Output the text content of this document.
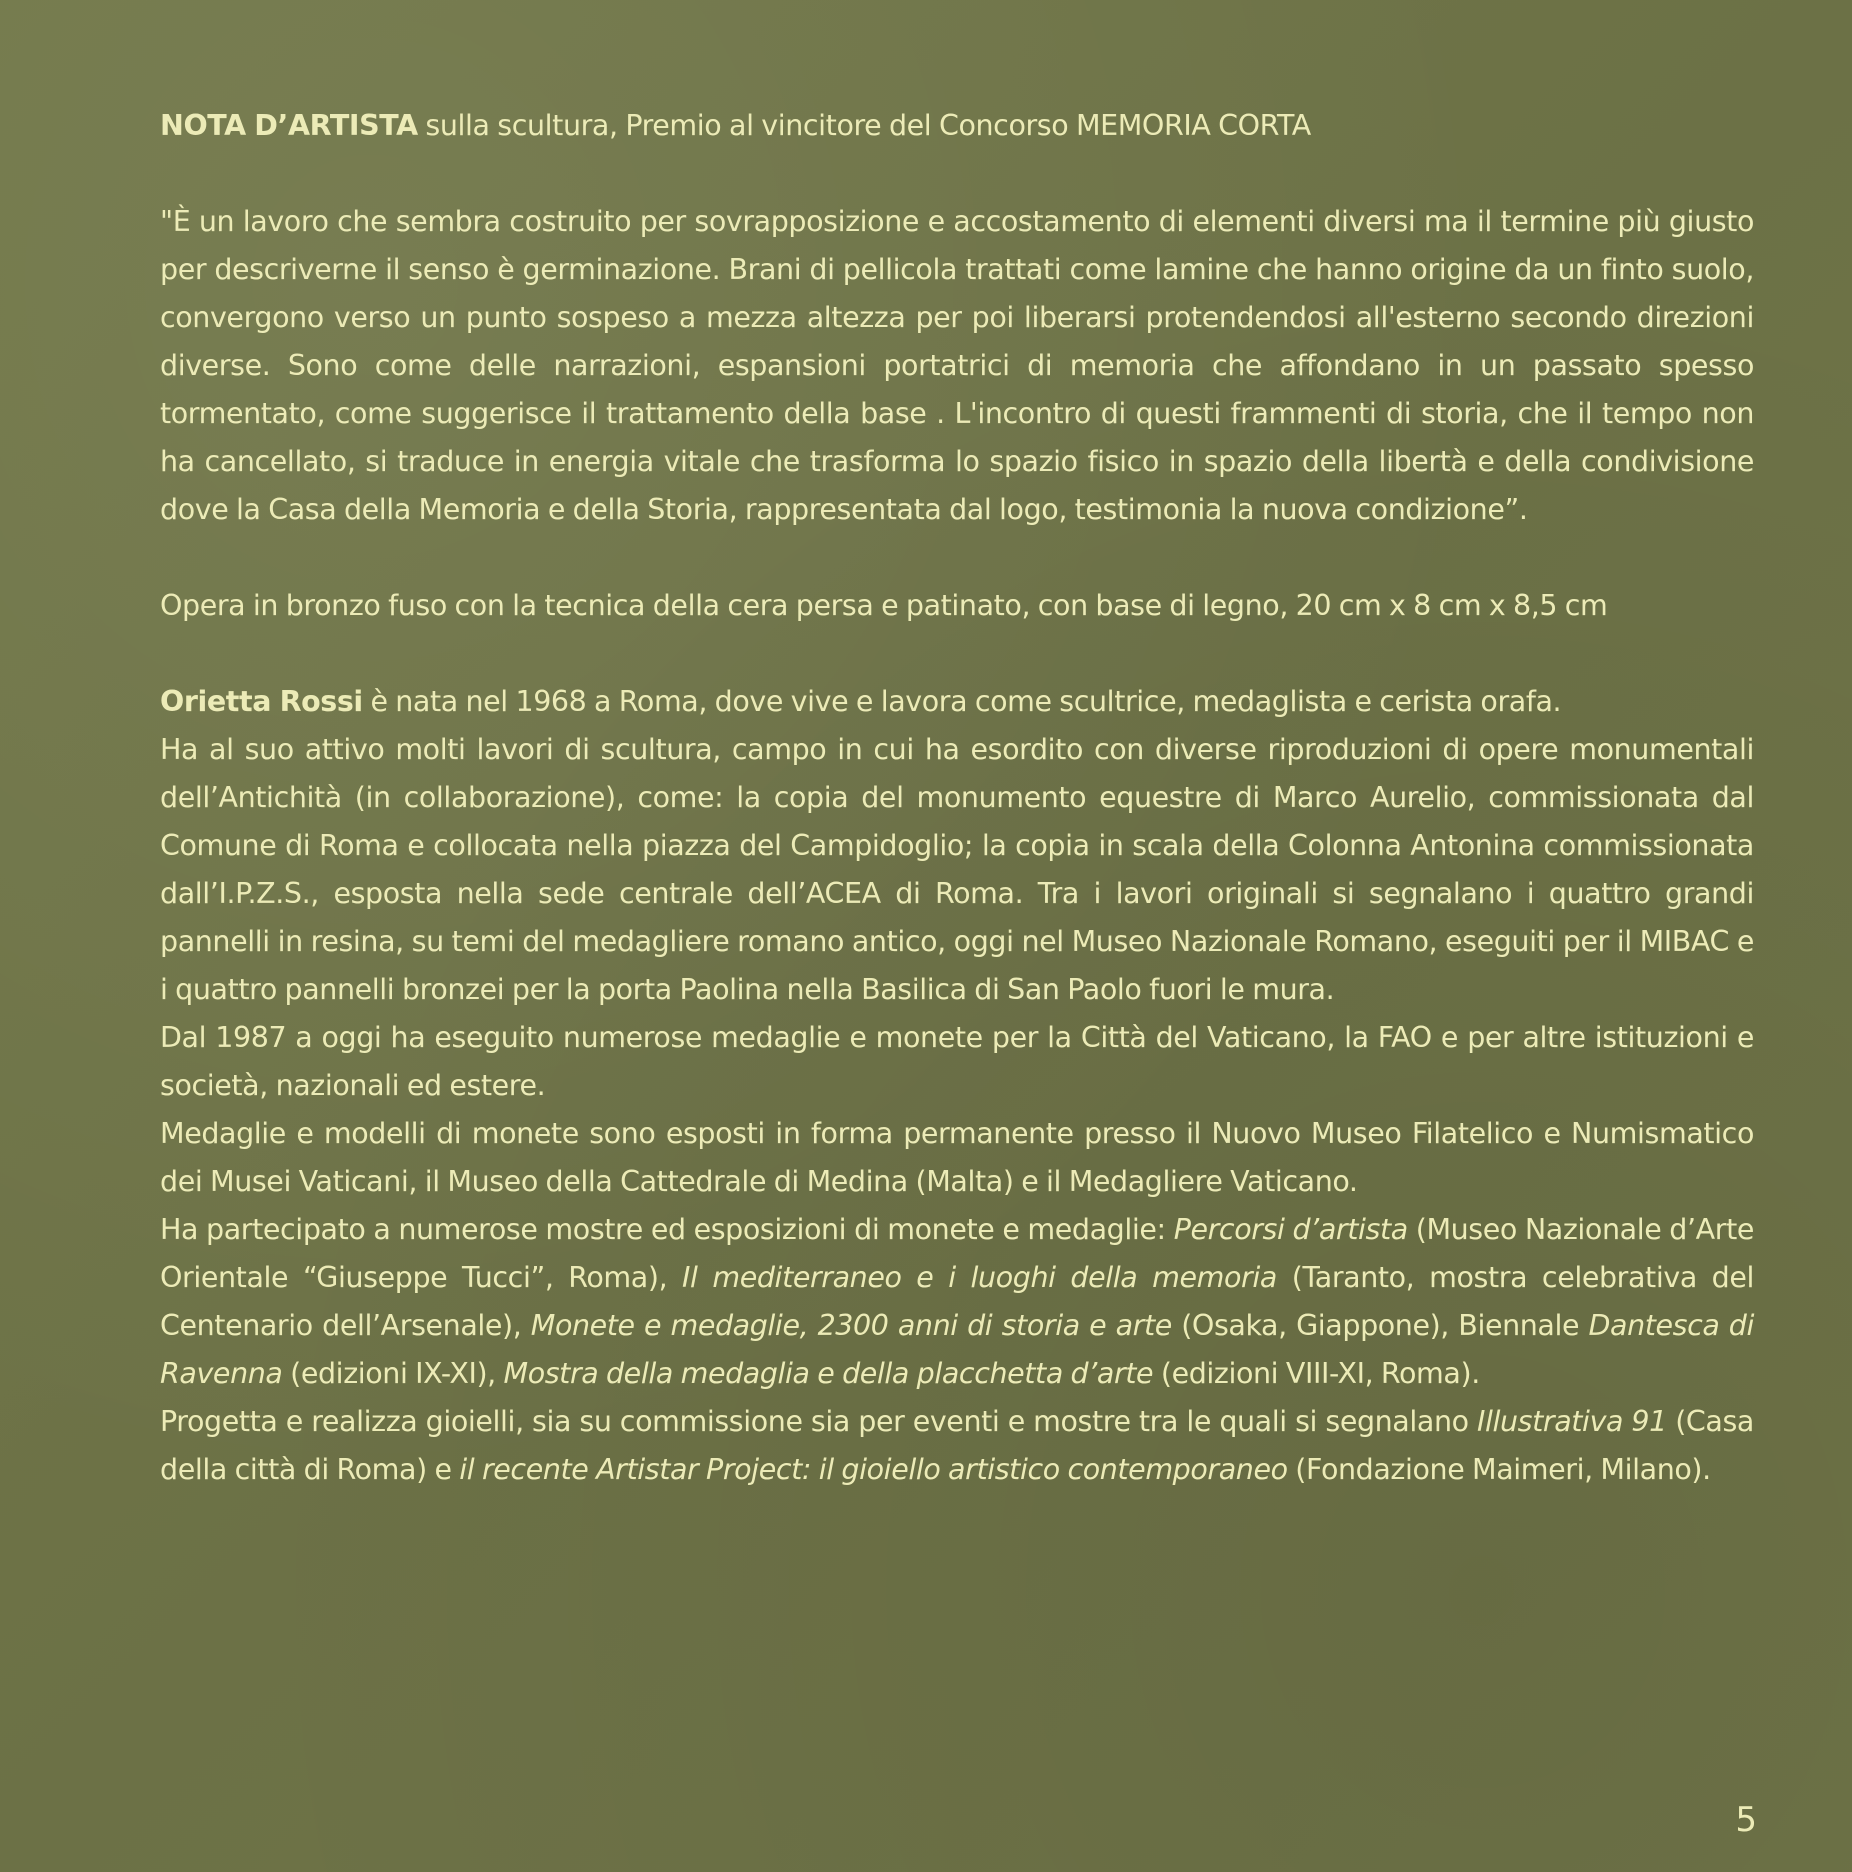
NOTA D’ARTISTA sulla scultura, Premio al vincitore del Concorso MEMORIA CORTA

"È un lavoro che sembra costruito per sovrapposizione e accostamento di elementi diversi ma il termine più giusto per descriverne il senso è germinazione. Brani di pellicola trattati come lamine che hanno origine da un finto suolo, convergono verso un punto sospeso a mezza altezza per poi liberarsi protendendosi all'esterno secondo direzioni diverse. Sono come delle narrazioni, espansioni portatrici di memoria che affondano in un passato spesso tormentato, come suggerisce il trattamento della base . L'incontro di questi frammenti di storia, che il tempo non ha cancellato, si traduce in energia vitale che trasforma lo spazio fisico in spazio della libertà e della condivisione dove la Casa della Memoria e della Storia, rappresentata dal logo, testimonia la nuova condizione”.

Opera in bronzo fuso con la tecnica della cera persa e patinato, con base di legno, 20 cm x 8 cm x 8,5 cm

Orietta Rossi è nata nel 1968 a Roma, dove vive e lavora come scultrice, medaglista e cerista orafa.

Ha al suo attivo molti lavori di scultura, campo in cui ha esordito con diverse riproduzioni di opere monumentali dell’Antichità (in collaborazione), come: la copia del monumento equestre di Marco Aurelio, commissionata dal Comune di Roma e collocata nella piazza del Campidoglio; la copia in scala della Colonna Antonina commissionata dall’I.P.Z.S., esposta nella sede centrale dell’ACEA di Roma. Tra i lavori originali si segnalano i quattro grandi pannelli in resina, su temi del medagliere romano antico, oggi nel Museo Nazionale Romano, eseguiti per il MIBAC e i quattro pannelli bronzei per la porta Paolina nella Basilica di San Paolo fuori le mura.

Dal 1987 a oggi ha eseguito numerose medaglie e monete per la Città del Vaticano, la FAO e per altre istituzioni e società, nazionali ed estere.

Medaglie e modelli di monete sono esposti in forma permanente presso il Nuovo Museo Filatelico e Numismatico dei Musei Vaticani, il Museo della Cattedrale di Medina (Malta) e il Medagliere Vaticano.

Ha partecipato a numerose mostre ed esposizioni di monete e medaglie: Percorsi d’artista (Museo Nazionale d’Arte Orientale “Giuseppe Tucci”, Roma), Il mediterraneo e i luoghi della memoria (Taranto, mostra celebrativa del Centenario dell’Arsenale), Monete e medaglie, 2300 anni di storia e arte (Osaka, Giappone), Biennale Dantesca di Ravenna (edizioni IX-XI), Mostra della medaglia e della placchetta d’arte (edizioni VIII-XI, Roma).

Progetta e realizza gioielli, sia su commissione sia per eventi e mostre tra le quali si segnalano Illustrativa 91 (Casa della città di Roma) e il recente Artistar Project: il gioiello artistico contemporaneo (Fondazione Maimeri, Milano).

5
